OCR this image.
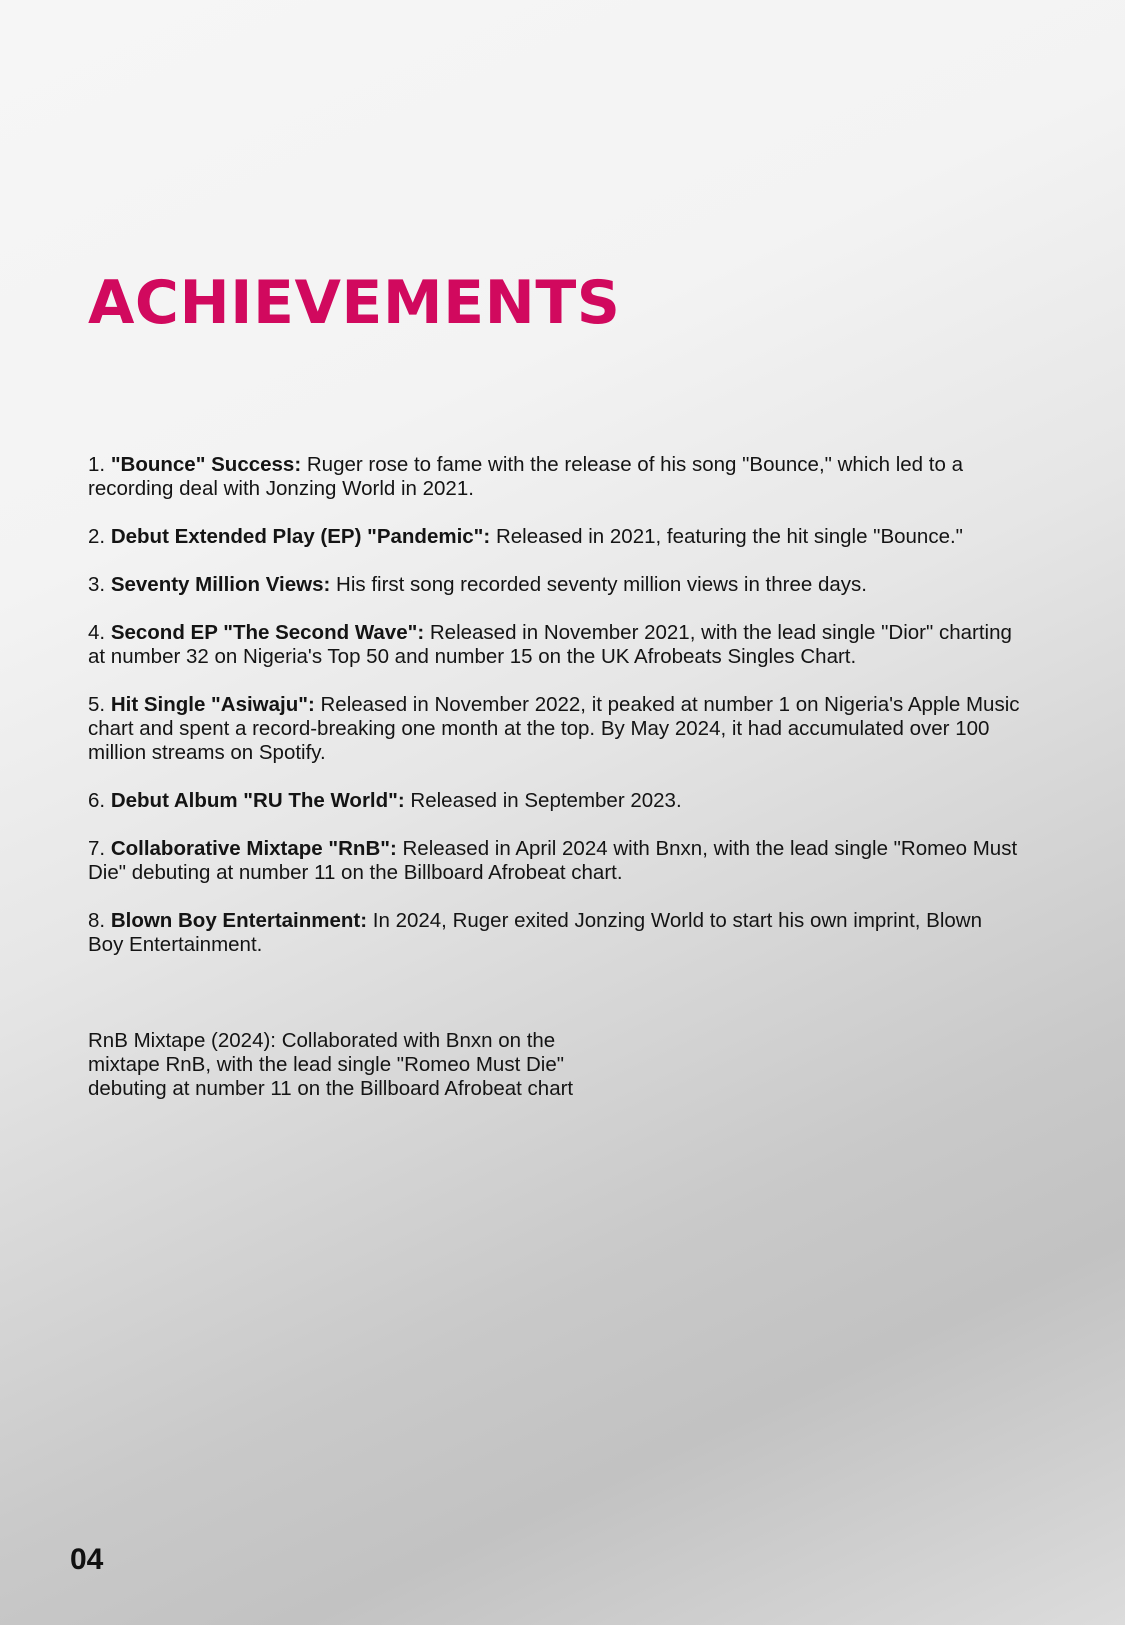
ACHIEVEMENTS
1. "Bounce" Success: Ruger rose to fame with the release of his song "Bounce," which led to a recording deal with Jonzing World in 2021.
2. Debut Extended Play (EP) "Pandemic": Released in 2021, featuring the hit single "Bounce."
3. Seventy Million Views: His first song recorded seventy million views in three days.
4. Second EP "The Second Wave": Released in November 2021, with the lead single "Dior" charting at number 32 on Nigeria's Top 50 and number 15 on the UK Afrobeats Singles Chart.
5. Hit Single "Asiwaju": Released in November 2022, it peaked at number 1 on Nigeria's Apple Music chart and spent a record-breaking one month at the top. By May 2024, it had accumulated over 100 million streams on Spotify.
6. Debut Album "RU The World": Released in September 2023.
7. Collaborative Mixtape "RnB": Released in April 2024 with Bnxn, with the lead single "Romeo Must Die" debuting at number 11 on the Billboard Afrobeat chart.
8. Blown Boy Entertainment: In 2024, Ruger exited Jonzing World to start his own imprint, Blown Boy Entertainment.

RnB Mixtape (2024): Collaborated with Bnxn on the mixtape RnB, with the lead single "Romeo Must Die" debuting at number 11 on the Billboard Afrobeat chart

04
